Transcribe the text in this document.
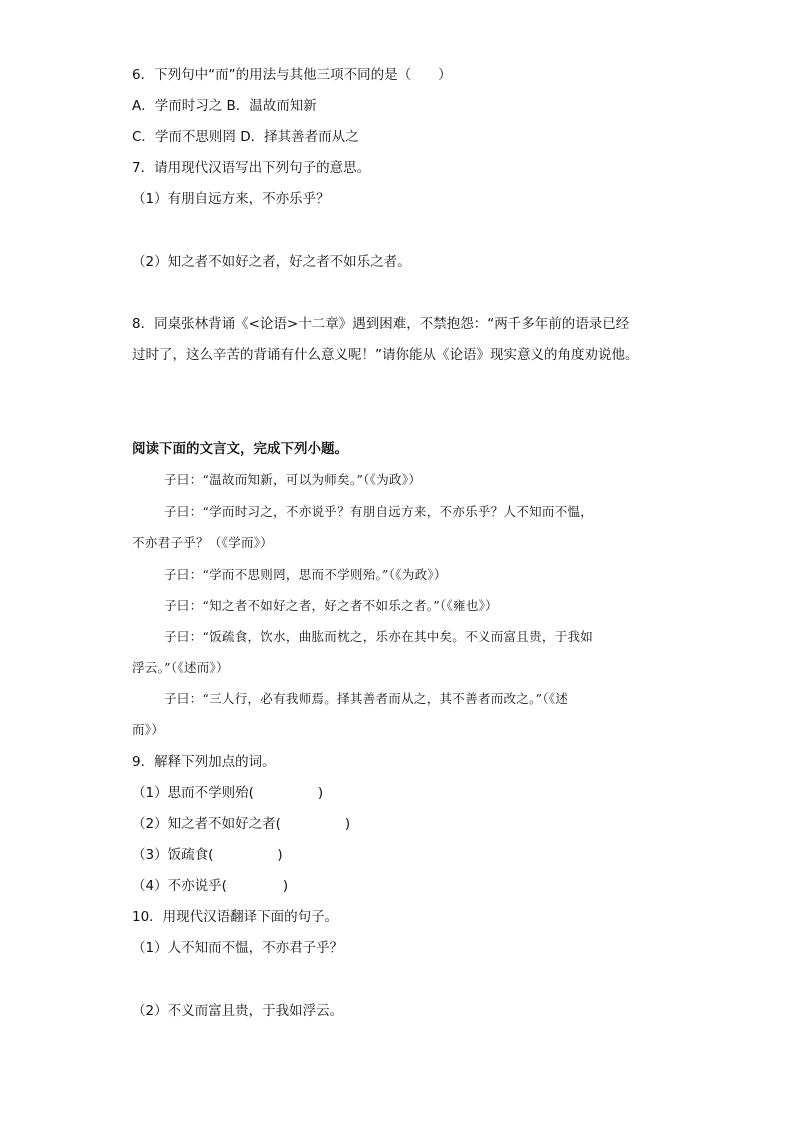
6．下列句中“而”的用法与其他三项不同的是（　　）
A．学而时习之 B．温故而知新
C．学而不思则罔 D．择其善者而从之
7．请用现代汉语写出下列句子的意思。
（1）有朋自远方来，不亦乐乎？
（2）知之者不如好之者，好之者不如乐之者。
8．同桌张林背诵《<论语>十二章》遇到困难，不禁抱怨：“两千多年前的语录已经
过时了，这么辛苦的背诵有什么意义呢！”请你能从《论语》现实意义的角度劝说他。
阅读下面的文言文，完成下列小题。
子曰：“温故而知新，可以为师矣。”（《为政》）
子曰：“学而时习之，不亦说乎？有朋自远方来，不亦乐乎？人不知而不愠，
不亦君子乎？（《学而》）
子曰：“学而不思则罔，思而不学则殆。”（《为政》）
子曰：“知之者不如好之者，好之者不如乐之者。”（《雍也》）
子曰：“饭疏食，饮水，曲肱而枕之，乐亦在其中矣。不义而富且贵，于我如
浮云。”（《述而》）
子曰：“三人行，必有我师焉。择其善者而从之，其不善者而改之。”（《述
而》）
9．解释下列加点的词。
（1）思而不学则殆(	)
（2）知之者不如好之者(	)
（3）饭疏食(	)
（4）不亦说乎(	)
10．用现代汉语翻译下面的句子。
（1）人不知而不愠，不亦君子乎？
（2）不义而富且贵，于我如浮云。
